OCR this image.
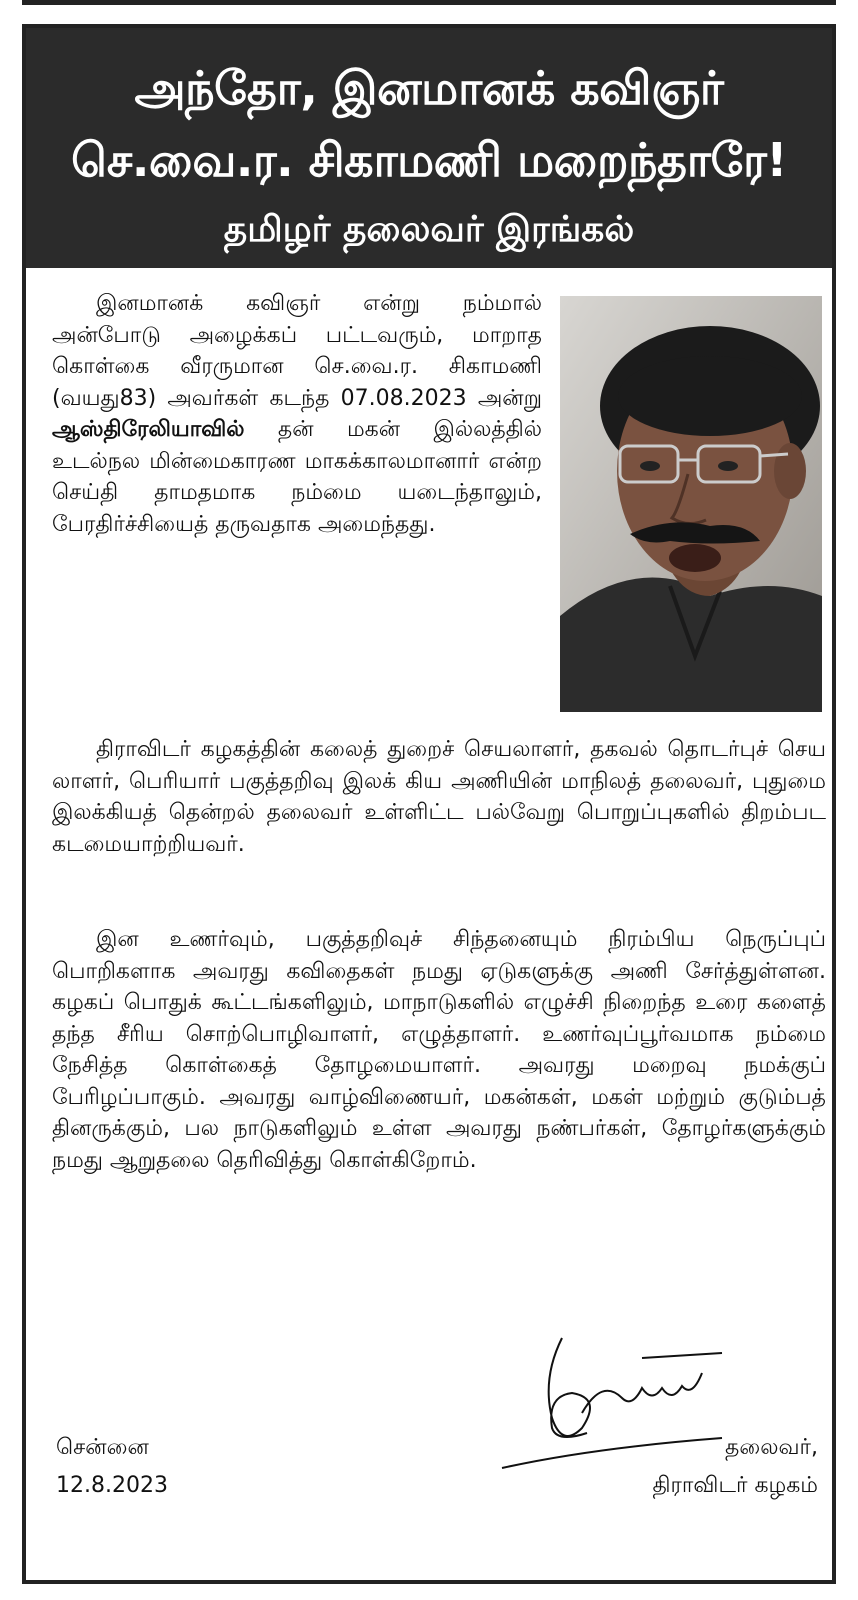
அந்தோ, இனமானக் கவிஞர்
செ.வை.ர. சிகாமணி மறைந்தாரே!
தமிழர் தலைவர் இரங்கல்

இனமானக் கவிஞர் என்று நம்மால் அன்போடு அழைக்கப் பட்டவரும், மாறாத கொள்கை வீரருமான செ.வை.ர. சிகாமணி (வயது83) அவர்கள் கடந்த 07.08.2023 அன்று ஆஸ்திரேலியாவில் தன் மகன் இல்லத்தில் உடல்நல மின்மைகாரண மாகக்காலமானார் என்ற செய்தி தாமதமாக நம்மை யடைந்தாலும், பேரதிர்ச்சியைத் தருவதாக அமைந்தது.

திராவிடர் கழகத்தின் கலைத் துறைச் செயலாளர், தகவல் தொடர்புச் செய லாளர், பெரியார் பகுத்தறிவு இலக் கிய அணியின் மாநிலத் தலைவர், புதுமை இலக்கியத் தென்றல் தலைவர் உள்ளிட்ட பல்வேறு பொறுப்புகளில் திறம்பட கடமையாற்றியவர்.

இன உணர்வும், பகுத்தறிவுச் சிந்தனையும் நிரம்பிய நெருப்புப் பொறிகளாக அவரது கவிதைகள் நமது ஏடுகளுக்கு அணி சேர்த்துள்ளன. கழகப் பொதுக் கூட்டங்களிலும், மாநாடுகளில் எழுச்சி நிறைந்த உரை களைத் தந்த சீரிய சொற்பொழிவாளர், எழுத்தாளர். உணர்வுப்பூர்வமாக நம்மை நேசித்த கொள்கைத் தோழமையாளர். அவரது மறைவு நமக்குப் பேரிழப்பாகும். அவரது வாழ்விணையர், மகன்கள், மகள் மற்றும் குடும்பத் தினருக்கும், பல நாடுகளிலும் உள்ள அவரது நண்பர்கள், தோழர்களுக்கும் நமது ஆறுதலை தெரிவித்து கொள்கிறோம்.

சென்னை
12.8.2023
தலைவர்,
திராவிடர் கழகம்
